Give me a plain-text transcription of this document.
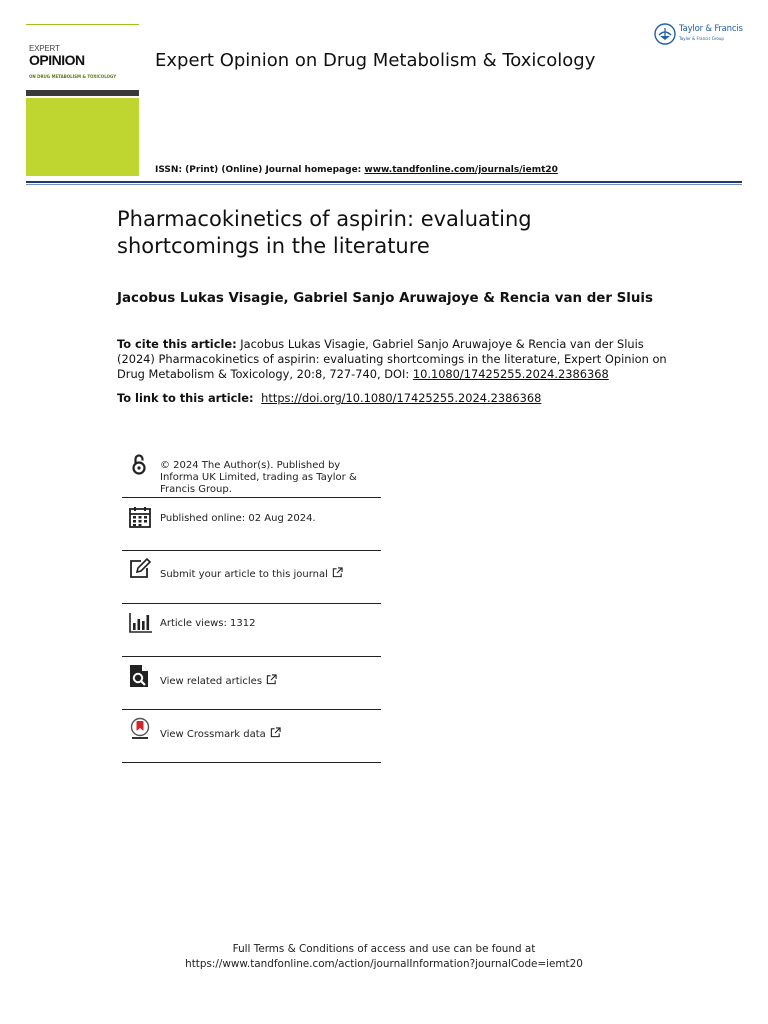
EXPERT
OPINION
ON DRUG METABOLISM & TOXICOLOGY
Expert Opinion on Drug Metabolism & Toxicology
Taylor & Francis
Taylor & Francis Group
ISSN: (Print) (Online) Journal homepage: www.tandfonline.com/journals/iemt20
Pharmacokinetics of aspirin: evaluating shortcomings in the literature
Jacobus Lukas Visagie, Gabriel Sanjo Aruwajoye & Rencia van der Sluis
To cite this article: Jacobus Lukas Visagie, Gabriel Sanjo Aruwajoye & Rencia van der Sluis (2024) Pharmacokinetics of aspirin: evaluating shortcomings in the literature, Expert Opinion on Drug Metabolism & Toxicology, 20:8, 727-740, DOI: 10.1080/17425255.2024.2386368
To link to this article: https://doi.org/10.1080/17425255.2024.2386368
© 2024 The Author(s). Published by Informa UK Limited, trading as Taylor & Francis Group.
Published online: 02 Aug 2024.
Submit your article to this journal
Article views: 1312
View related articles
View Crossmark data
Full Terms & Conditions of access and use can be found at
https://www.tandfonline.com/action/journalInformation?journalCode=iemt20
